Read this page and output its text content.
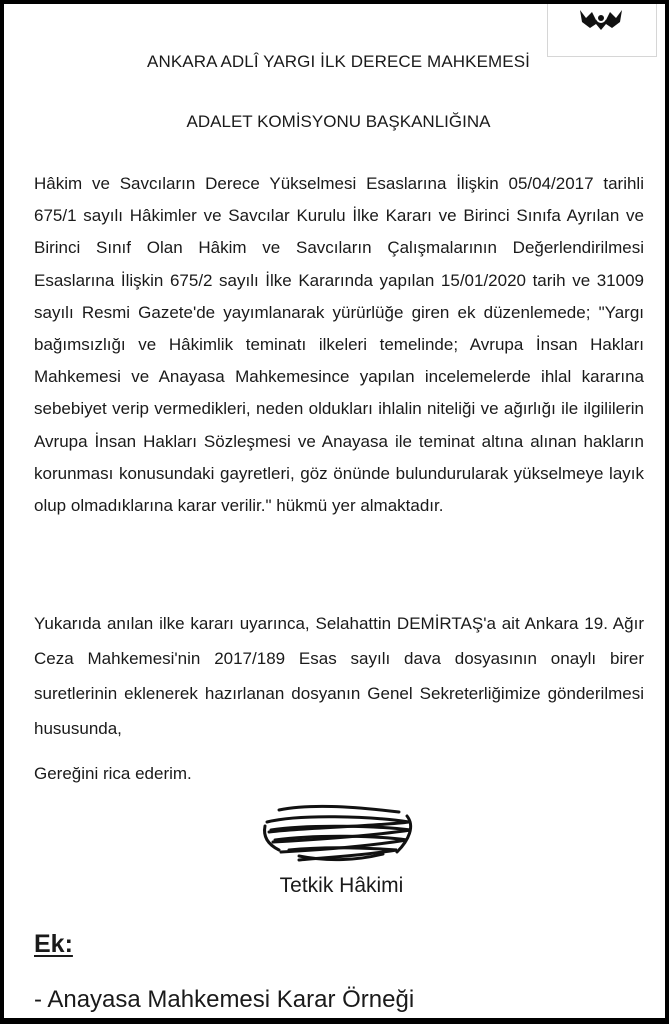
ANKARA ADLÎ YARGI İLK DERECE MAHKEMESİ
ADALET KOMİSYONU BAŞKANLIĞINA

Hâkim ve Savcıların Derece Yükselmesi Esaslarına İlişkin 05/04/2017 tarihli 675/1 sayılı Hâkimler ve Savcılar Kurulu İlke Kararı ve Birinci Sınıfa Ayrılan ve Birinci Sınıf Olan Hâkim ve Savcıların Çalışmalarının Değerlendirilmesi Esaslarına İlişkin 675/2 sayılı İlke Kararında yapılan 15/01/2020 tarih ve 31009 sayılı Resmi Gazete'de yayımlanarak yürürlüğe giren ek düzenlemede; "Yargı bağımsızlığı ve Hâkimlik teminatı ilkeleri temelinde; Avrupa İnsan Hakları Mahkemesi ve Anayasa Mahkemesince yapılan incelemelerde ihlal kararına sebebiyet verip vermedikleri, neden oldukları ihlalin niteliği ve ağırlığı ile ilgililerin Avrupa İnsan Hakları Sözleşmesi ve Anayasa ile teminat altına alınan hakların korunması konusundaki gayretleri, göz önünde bulundurularak yükselmeye layık olup olmadıklarına karar verilir." hükmü yer almaktadır.

Yukarıda anılan ilke kararı uyarınca, Selahattin DEMİRTAŞ'a ait Ankara 19. Ağır Ceza Mahkemesi'nin 2017/189 Esas sayılı dava dosyasının onaylı birer suretlerinin eklenerek hazırlanan dosyanın Genel Sekreterliğimize gönderilmesi hususunda,

Gereğini rica ederim.
Tetkik Hâkimi
Ek:
- Anayasa Mahkemesi Karar Örneği
